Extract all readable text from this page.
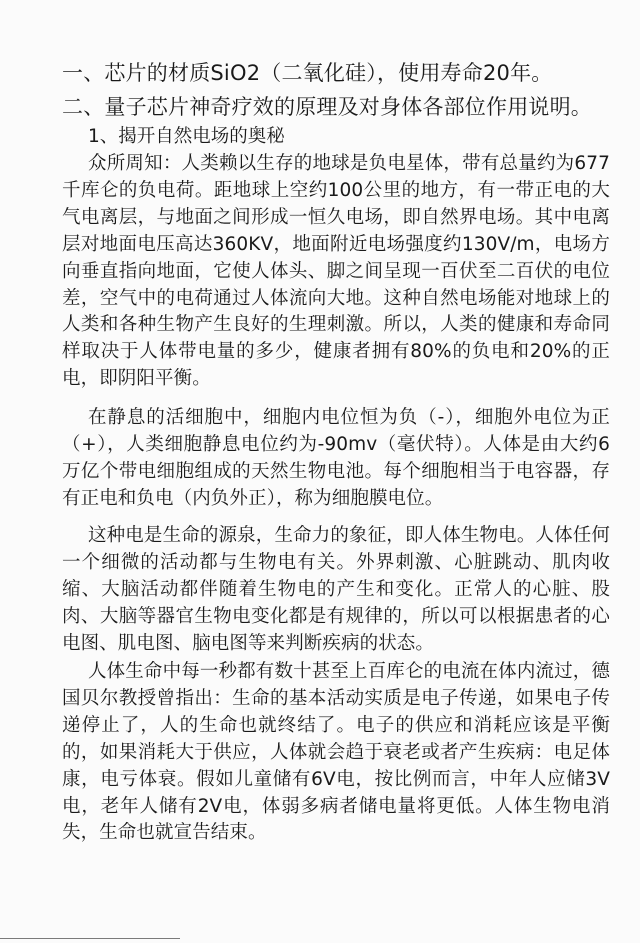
一、芯片的材质SiO2（二氧化硅），使用寿命20年。
二、量子芯片神奇疗效的原理及对身体各部位作用说明。
1、揭开自然电场的奥秘

众所周知：人类赖以生存的地球是负电星体，带有总量约为677千库仑的负电荷。距地球上空约100公里的地方，有一带正电的大气电离层，与地面之间形成一恒久电场，即自然界电场。其中电离层对地面电压高达360KV，地面附近电场强度约130V/m，电场方向垂直指向地面，它使人体头、脚之间呈现一百伏至二百伏的电位差，空气中的电荷通过人体流向大地。这种自然电场能对地球上的人类和各种生物产生良好的生理刺激。所以，人类的健康和寿命同样取决于人体带电量的多少，健康者拥有80%的负电和20%的正电，即阴阳平衡。

在静息的活细胞中，细胞内电位恒为负（-），细胞外电位为正（+），人类细胞静息电位约为-90mv（毫伏特）。人体是由大约6万亿个带电细胞组成的天然生物电池。每个细胞相当于电容器，存有正电和负电（内负外正），称为细胞膜电位。

这种电是生命的源泉，生命力的象征，即人体生物电。人体任何一个细微的活动都与生物电有关。外界刺激、心脏跳动、肌肉收缩、大脑活动都伴随着生物电的产生和变化。正常人的心脏、股肉、大脑等器官生物电变化都是有规律的，所以可以根据患者的心电图、肌电图、脑电图等来判断疾病的状态。

人体生命中每一秒都有数十甚至上百库仑的电流在体内流过，德国贝尔教授曾指出：生命的基本活动实质是电子传递，如果电子传递停止了，人的生命也就终结了。电子的供应和消耗应该是平衡的，如果消耗大于供应，人体就会趋于衰老或者产生疾病：电足体康，电亏体衰。假如儿童储有6V电，按比例而言，中年人应储3V电，老年人储有2V电，体弱多病者储电量将更低。人体生物电消失，生命也就宣告结束。
